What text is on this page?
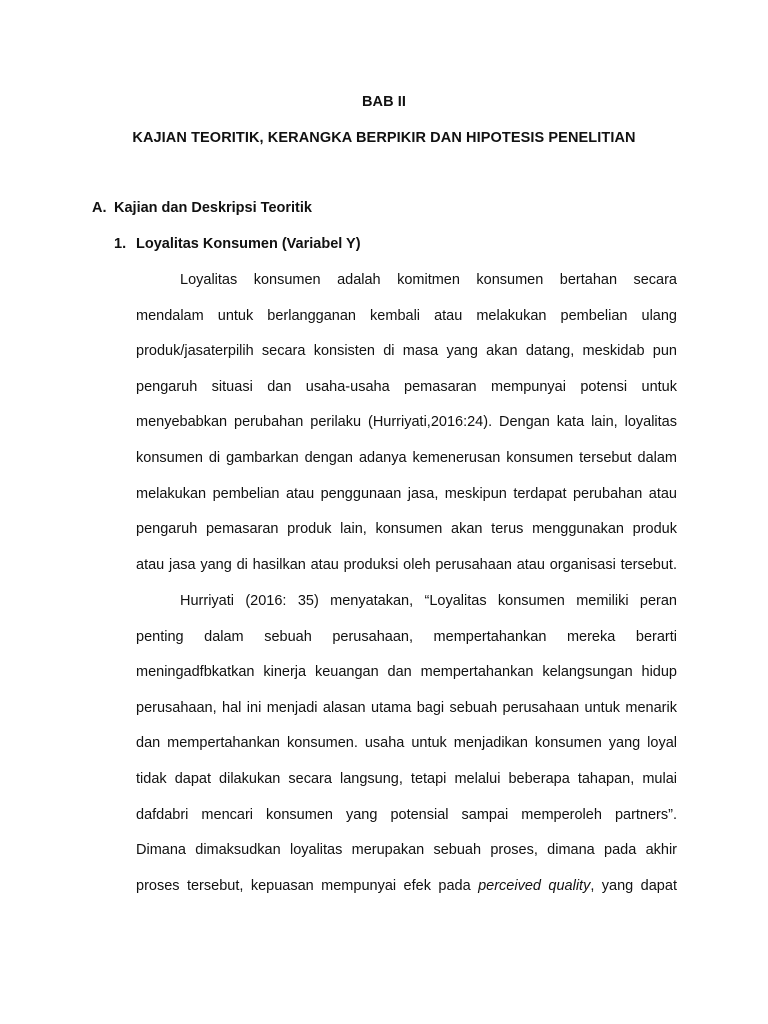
BAB II
KAJIAN TEORITIK, KERANGKA BERPIKIR DAN HIPOTESIS PENELITIAN
A. Kajian dan Deskripsi Teoritik
1. Loyalitas Konsumen (Variabel Y)
Loyalitas konsumen adalah komitmen konsumen bertahan secara
mendalam untuk berlangganan kembali atau melakukan pembelian ulang
produk/jasaterpilih secara konsisten di masa yang akan datang, meskidab pun
pengaruh situasi dan usaha-usaha pemasaran mempunyai potensi untuk
menyebabkan perubahan perilaku (Hurriyati,2016:24). Dengan kata lain, loyalitas
konsumen di gambarkan dengan adanya kemenerusan konsumen tersebut dalam
melakukan pembelian atau penggunaan jasa, meskipun terdapat perubahan atau
pengaruh pemasaran produk lain, konsumen akan terus menggunakan produk
atau jasa yang di hasilkan atau produksi oleh perusahaan atau organisasi tersebut.
Hurriyati (2016: 35) menyatakan, “Loyalitas konsumen memiliki peran
penting dalam sebuah perusahaan, mempertahankan mereka berarti
meningadfbkatkan kinerja keuangan dan mempertahankan kelangsungan hidup
perusahaan, hal ini menjadi alasan utama bagi sebuah perusahaan untuk menarik
dan mempertahankan konsumen. usaha untuk menjadikan konsumen yang loyal
tidak dapat dilakukan secara langsung, tetapi melalui beberapa tahapan, mulai
dafdabri mencari konsumen yang potensial sampai memperoleh partners”.
Dimana dimaksudkan loyalitas merupakan sebuah proses, dimana pada akhir
proses tersebut, kepuasan mempunyai efek pada perceived quality, yang dapat
